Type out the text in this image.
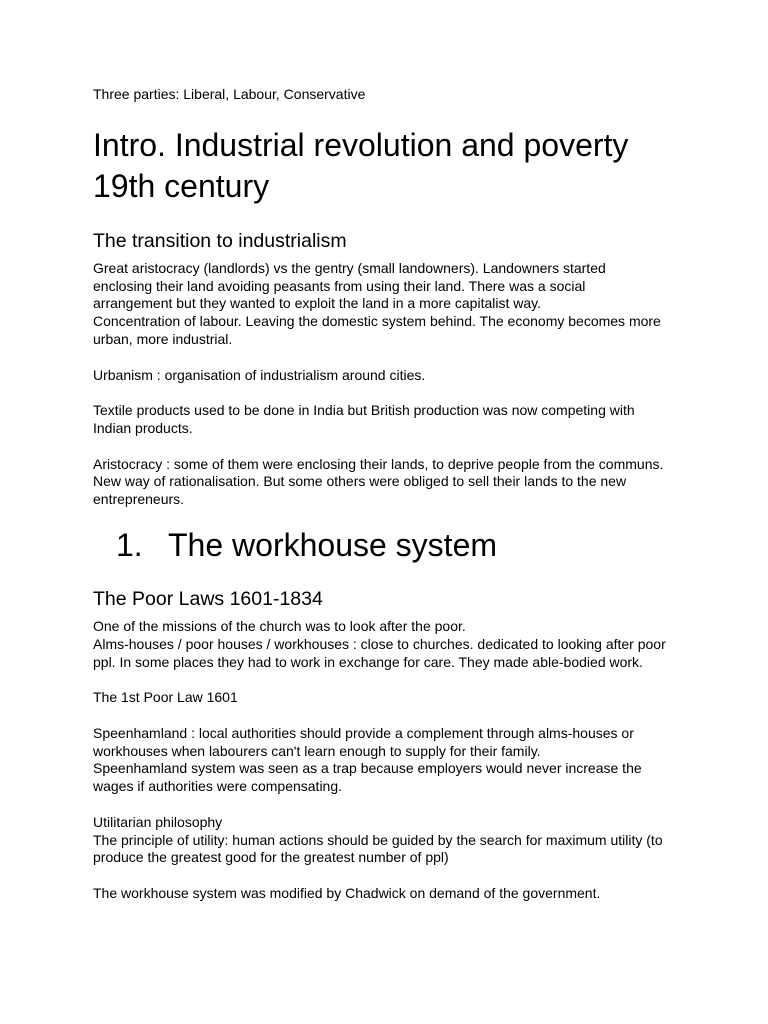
Three parties: Liberal, Labour, Conservative

Intro. Industrial revolution and poverty
19th century
The transition to industrialism

Great aristocracy (landlords) vs the gentry (small landowners). Landowners started

enclosing their land avoiding peasants from using their land. There was a social

arrangement but they wanted to exploit the land in a more capitalist way.

Concentration of labour. Leaving the domestic system behind. The economy becomes more

urban, more industrial.

Urbanism : organisation of industrialism around cities.

Textile products used to be done in India but British production was now competing with

Indian products.

Aristocracy : some of them were enclosing their lands, to deprive people from the communs.

New way of rationalisation. But some others were obliged to sell their lands to the new

entrepreneurs.

1. The workhouse system
The Poor Laws 1601-1834

One of the missions of the church was to look after the poor.

Alms-houses / poor houses / workhouses : close to churches. dedicated to looking after poor

ppl. In some places they had to work in exchange for care. They made able-bodied work.

The 1st Poor Law 1601

Speenhamland : local authorities should provide a complement through alms-houses or

workhouses when labourers can't learn enough to supply for their family.

Speenhamland system was seen as a trap because employers would never increase the

wages if authorities were compensating.

Utilitarian philosophy

The principle of utility: human actions should be guided by the search for maximum utility (to

produce the greatest good for the greatest number of ppl)

The workhouse system was modified by Chadwick on demand of the government.
